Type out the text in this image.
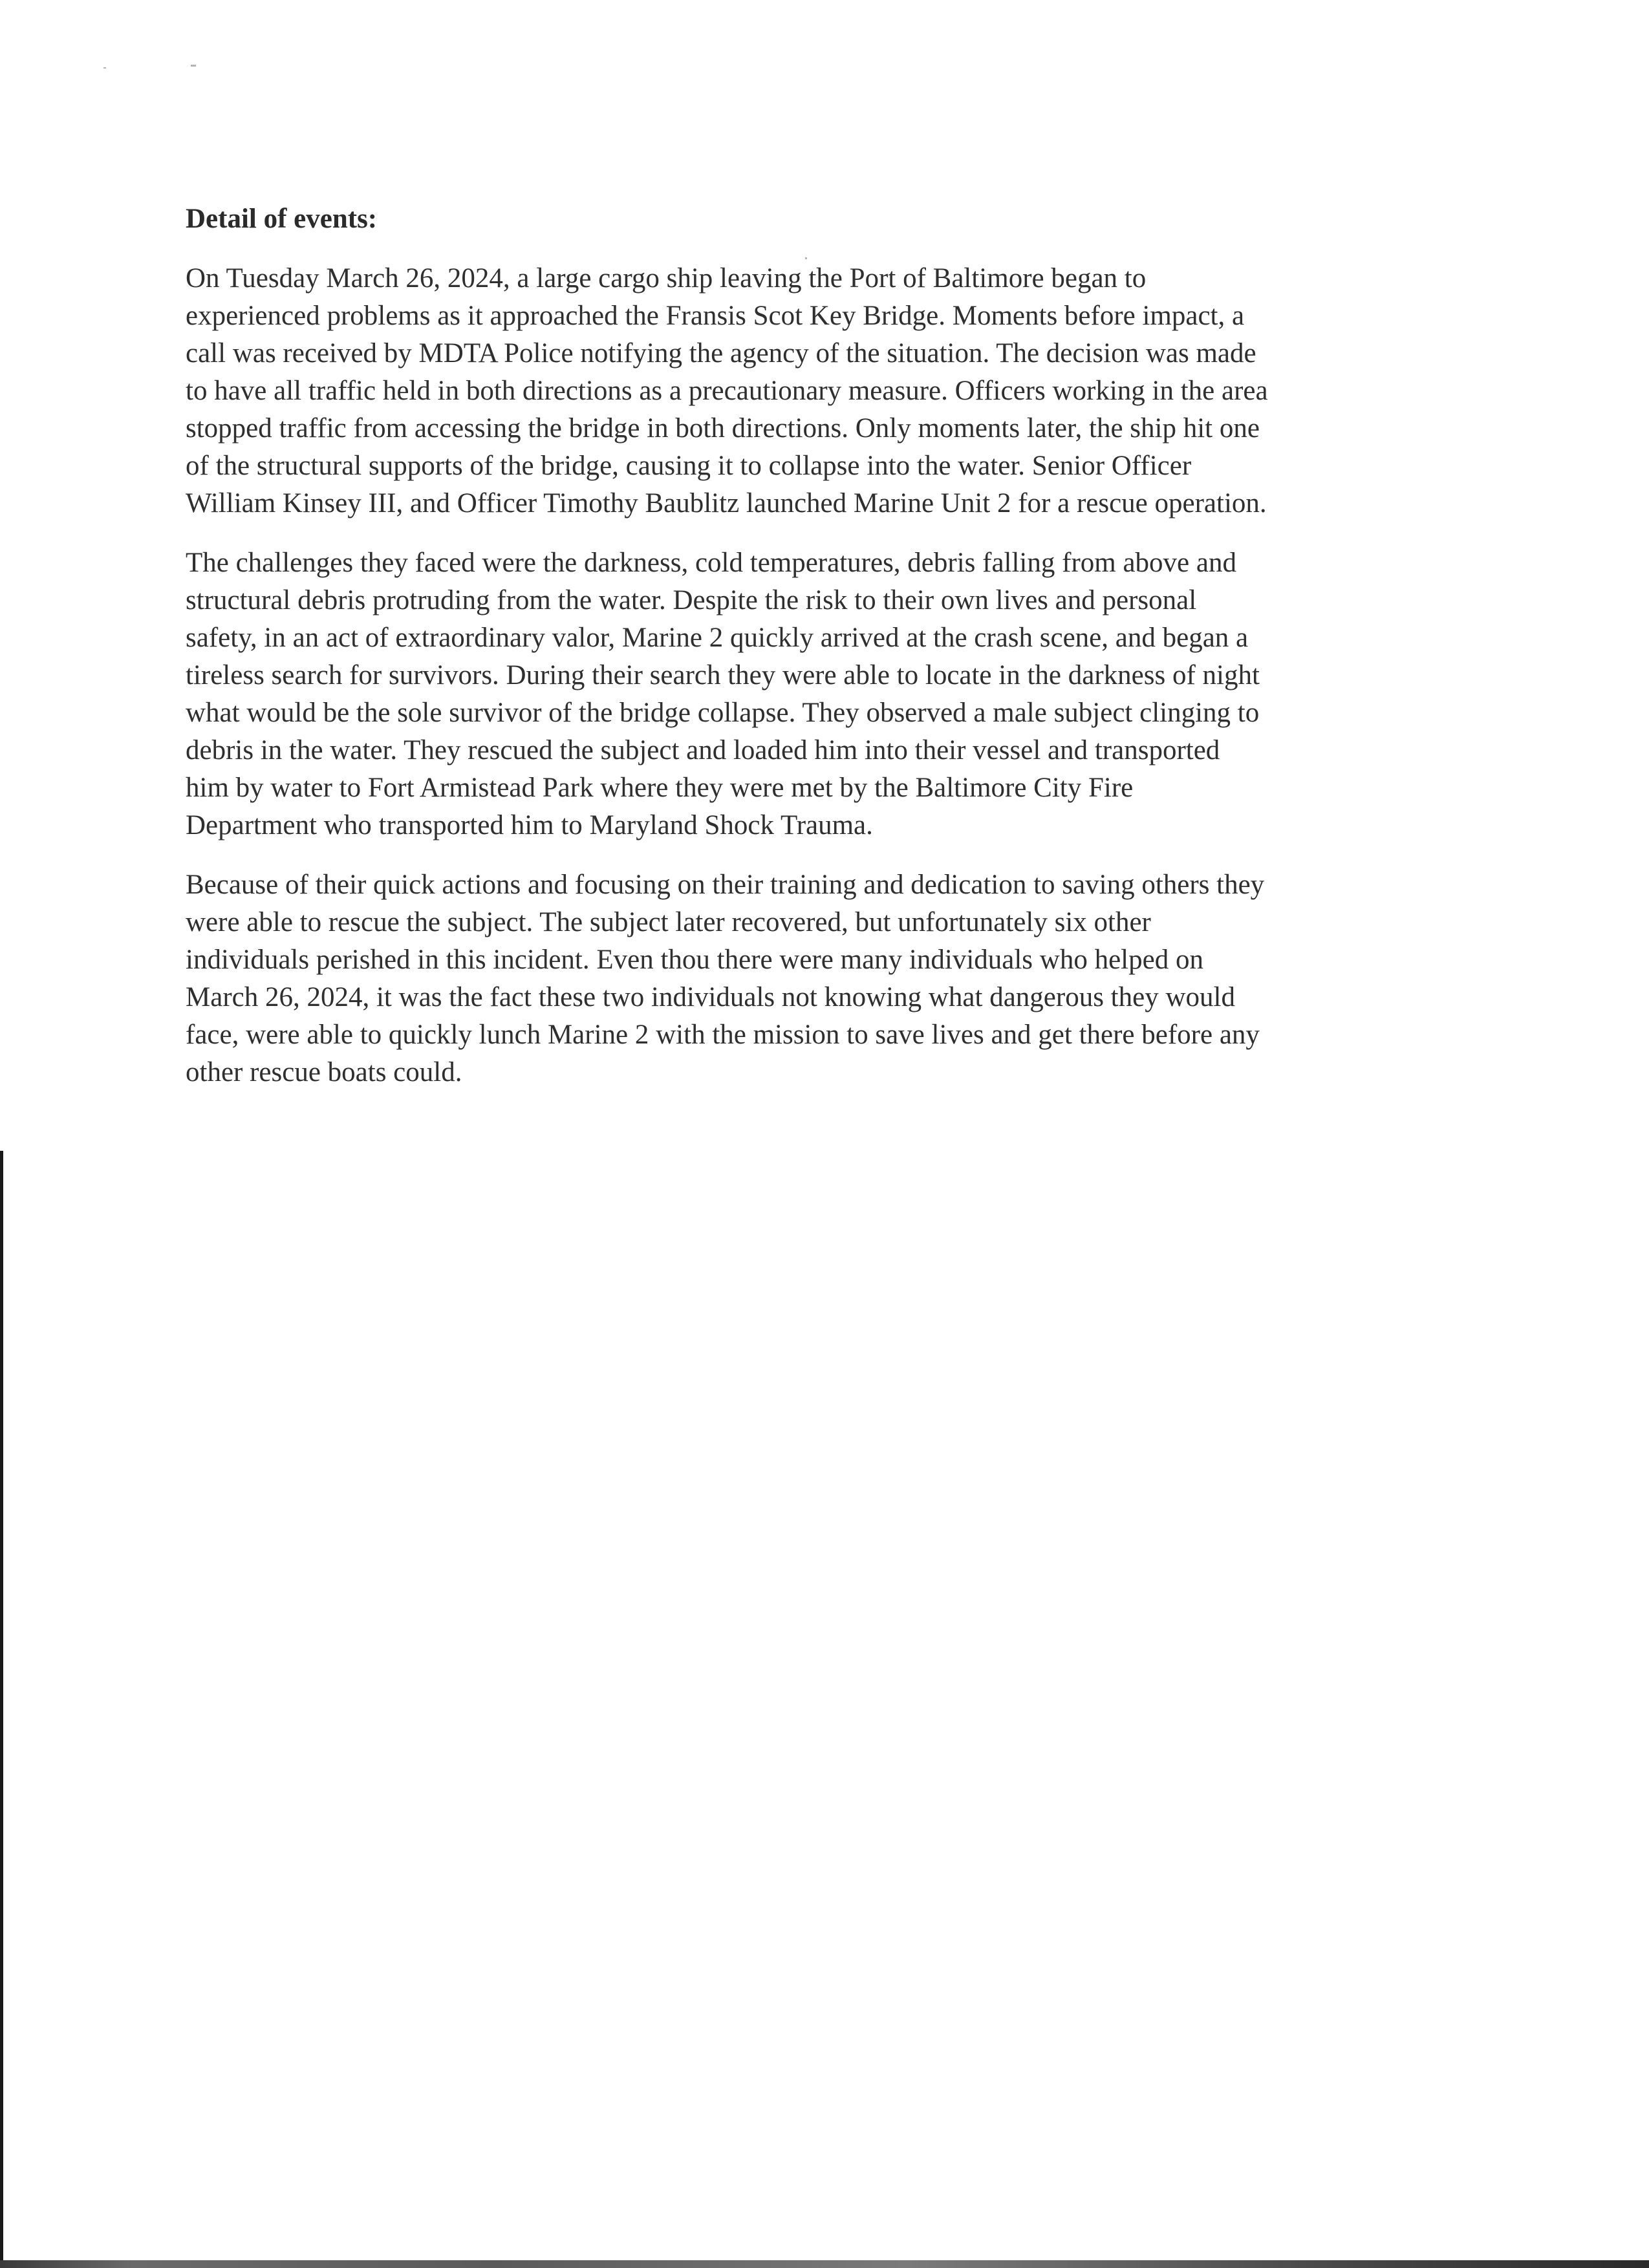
Detail of events:
On Tuesday March 26, 2024, a large cargo ship leaving the Port of Baltimore began to
experienced problems as it approached the Fransis Scot Key Bridge. Moments before impact, a
call was received by MDTA Police notifying the agency of the situation. The decision was made
to have all traffic held in both directions as a precautionary measure. Officers working in the area
stopped traffic from accessing the bridge in both directions. Only moments later, the ship hit one
of the structural supports of the bridge, causing it to collapse into the water. Senior Officer
William Kinsey III, and Officer Timothy Baublitz launched Marine Unit 2 for a rescue operation.
The challenges they faced were the darkness, cold temperatures, debris falling from above and
structural debris protruding from the water. Despite the risk to their own lives and personal
safety, in an act of extraordinary valor, Marine 2 quickly arrived at the crash scene, and began a
tireless search for survivors. During their search they were able to locate in the darkness of night
what would be the sole survivor of the bridge collapse. They observed a male subject clinging to
debris in the water. They rescued the subject and loaded him into their vessel and transported
him by water to Fort Armistead Park where they were met by the Baltimore City Fire
Department who transported him to Maryland Shock Trauma.
Because of their quick actions and focusing on their training and dedication to saving others they
were able to rescue the subject. The subject later recovered, but unfortunately six other
individuals perished in this incident. Even thou there were many individuals who helped on
March 26, 2024, it was the fact these two individuals not knowing what dangerous they would
face, were able to quickly lunch Marine 2 with the mission to save lives and get there before any
other rescue boats could.
